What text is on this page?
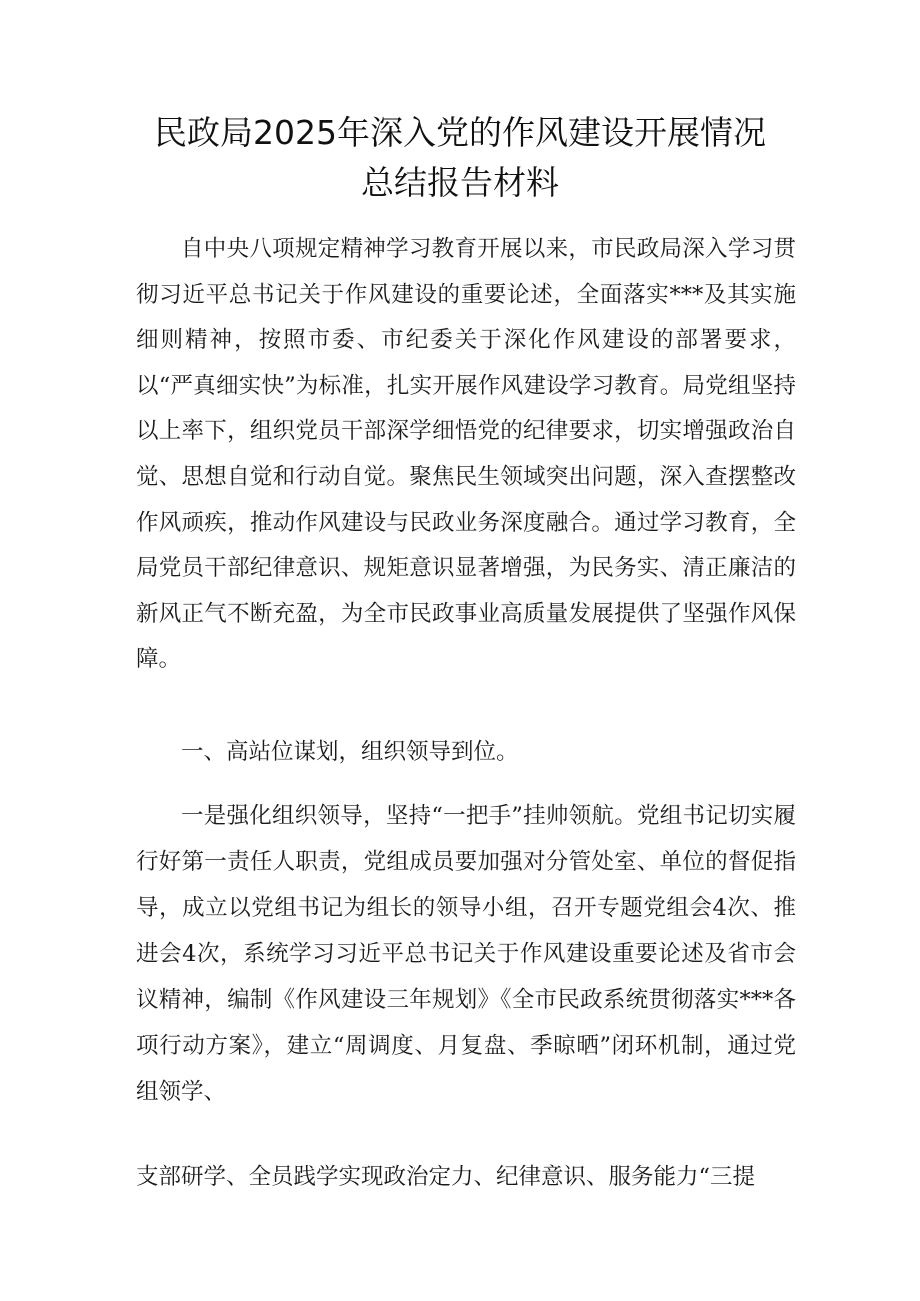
民政局2025年深入党的作风建设开展情况
总结报告材料
自中央八项规定精神学习教育开展以来，市民政局深入学习贯彻习近平总书记关于作风建设的重要论述，全面落实***及其实施细则精神，按照市委、市纪委关于深化作风建设的部署要求，以“严真细实快”为标准，扎实开展作风建设学习教育。局党组坚持以上率下，组织党员干部深学细悟党的纪律要求，切实增强政治自觉、思想自觉和行动自觉。聚焦民生领域突出问题，深入查摆整改作风顽疾，推动作风建设与民政业务深度融合。通过学习教育，全局党员干部纪律意识、规矩意识显著增强，为民务实、清正廉洁的新风正气不断充盈，为全市民政事业高质量发展提供了坚强作风保障。
一、高站位谋划，组织领导到位。
一是强化组织领导，坚持“一把手”挂帅领航。党组书记切实履行好第一责任人职责，党组成员要加强对分管处室、单位的督促指导，成立以党组书记为组长的领导小组，召开专题党组会4次、推进会4次，系统学习习近平总书记关于作风建设重要论述及省市会议精神，编制《作风建设三年规划》《全市民政系统贯彻落实***各项行动方案》，建立“周调度、月复盘、季晾晒”闭环机制，通过党组领学、
支部研学、全员践学实现政治定力、纪律意识、服务能力“三提
